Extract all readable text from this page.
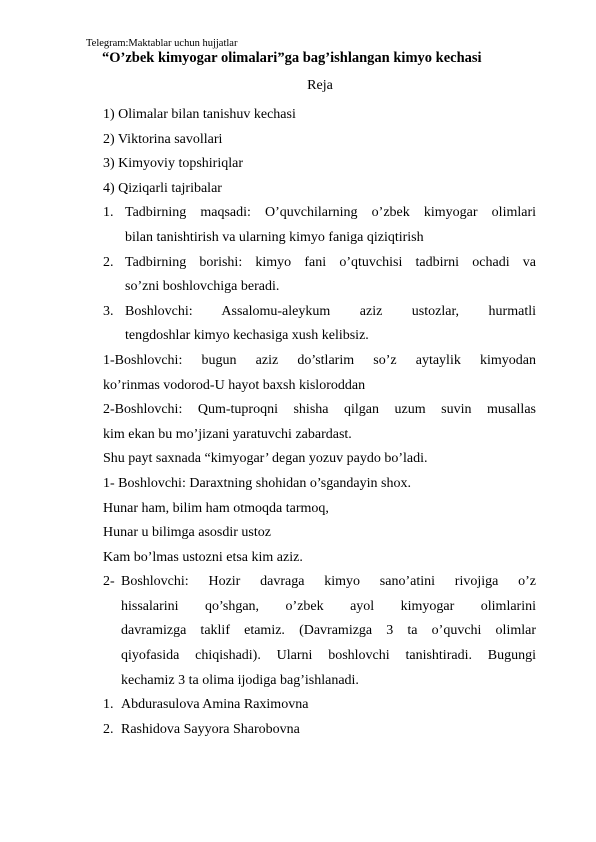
Telegram:Maktablar uchun hujjatlar
“O’zbek kimyogar olimalari”ga bag’ishlangan kimyo kechasi
Reja

1) Olimalar bilan tanishuv kechasi

2) Viktorina savollari

3) Kimyoviy topshiriqlar

4) Qiziqarli tajribalar

1. Tadbirning maqsadi: O’quvchilarning o’zbek kimyogar olimlari
bilan tanishtirish va ularning kimyo faniga qiziqtirish
2. Tadbirning borishi: kimyo fani o’qtuvchisi tadbirni ochadi va
so’zni boshlovchiga beradi.
3. Boshlovchi: Assalomu-aleykum aziz ustozlar, hurmatli
tengdoshlar kimyo kechasiga xush kelibsiz.

1-Boshlovchi: bugun aziz do’stlarim so’z aytaylik kimyodan

ko’rinmas vodorod-U hayot baxsh kisloroddan

2-Boshlovchi: Qum-tuproqni shisha qilgan uzum suvin musallas

kim ekan bu mo’jizani yaratuvchi zabardast.

Shu payt saxnada “kimyogar’ degan yozuv paydo bo’ladi.

1- Boshlovchi: Daraxtning shohidan o’sgandayin shox.

Hunar ham, bilim ham otmoqda tarmoq,

Hunar u bilimga asosdir ustoz

Kam bo’lmas ustozni etsa kim aziz.

2- Boshlovchi: Hozir davraga kimyo sano’atini rivojiga o’z
hissalarini qo’shgan, o’zbek ayol kimyogar olimlarini
davramizga taklif etamiz. (Davramizga 3 ta o’quvchi olimlar
qiyofasida chiqishadi). Ularni boshlovchi tanishtiradi. Bugungi
kechamiz 3 ta olima ijodiga bag’ishlanadi.
1. Abdurasulova Amina Raximovna
2. Rashidova Sayyora Sharobovna
